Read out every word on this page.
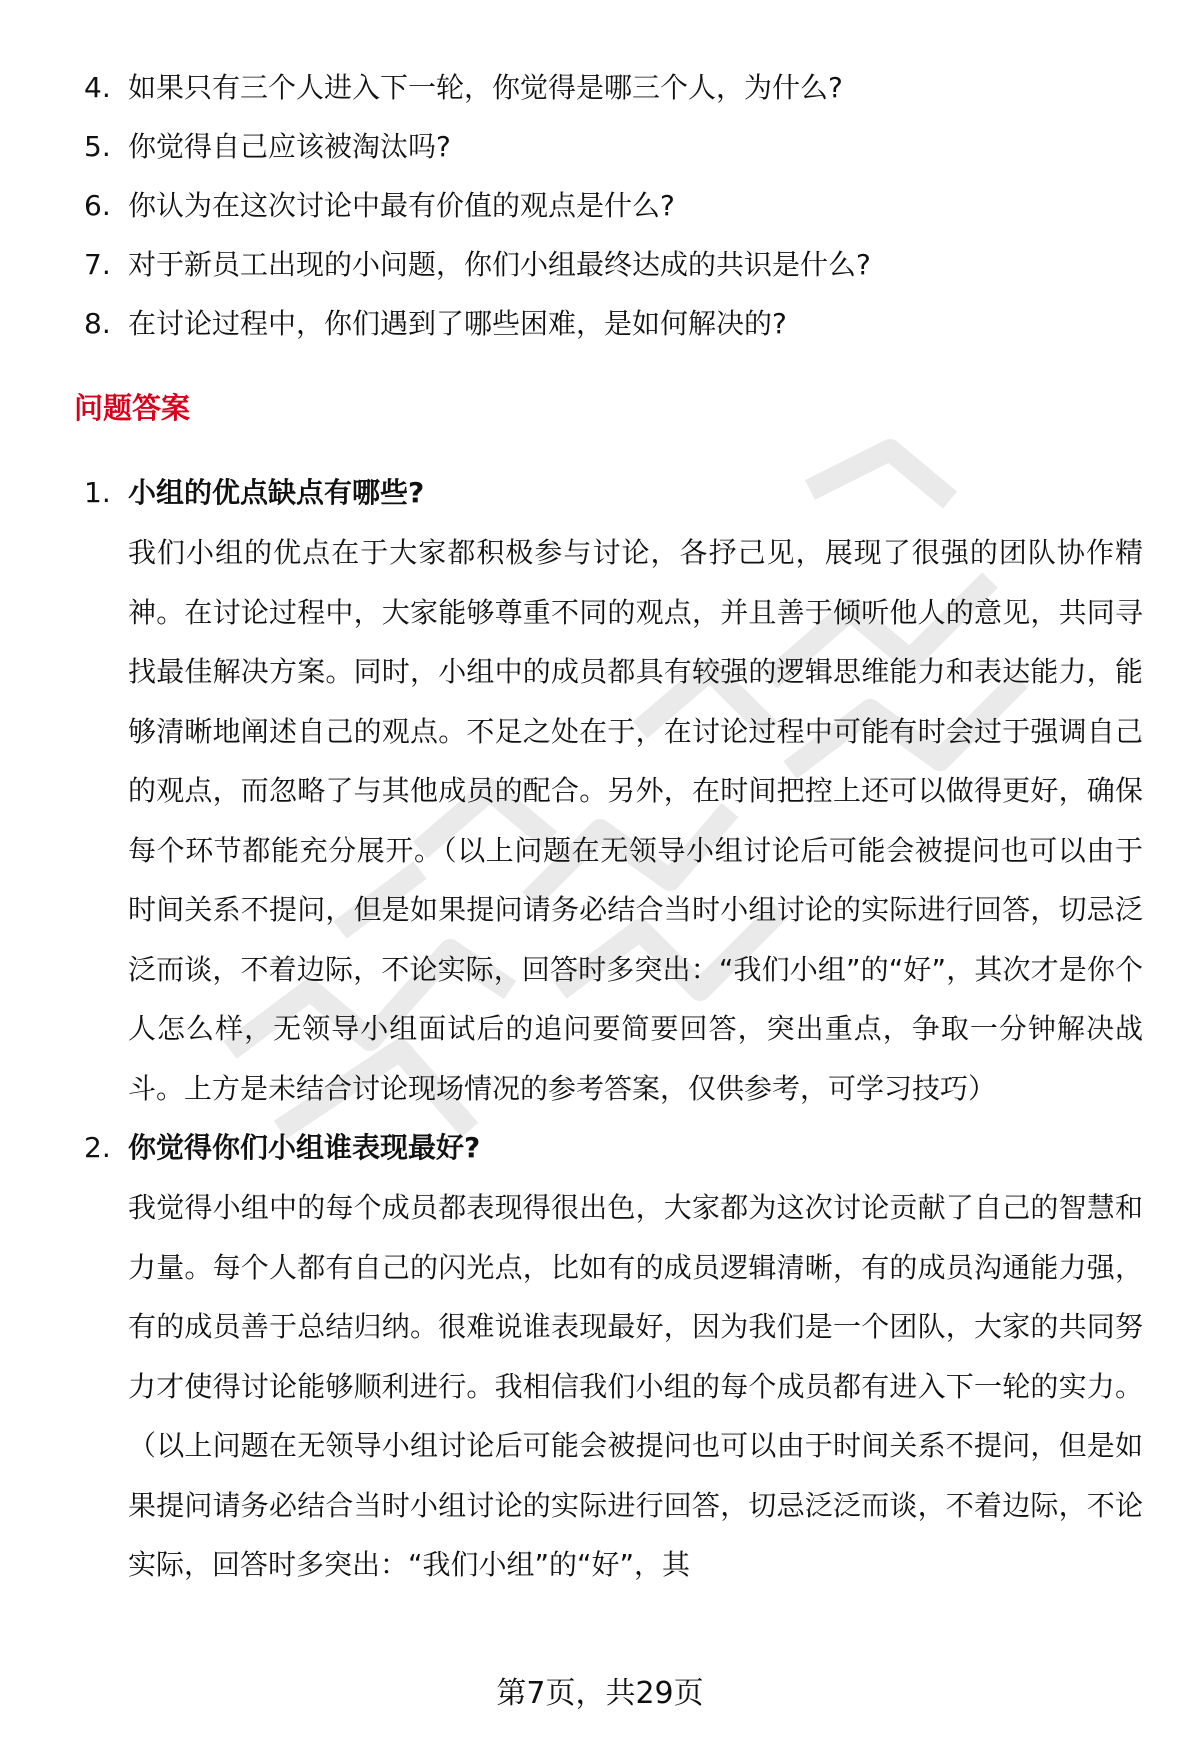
4. 如果只有三个人进入下一轮，你觉得是哪三个人，为什么?
5. 你觉得自己应该被淘汰吗?
6. 你认为在这次讨论中最有价值的观点是什么?
7. 对于新员工出现的小问题，你们小组最终达成的共识是什么?
8. 在讨论过程中，你们遇到了哪些困难，是如何解决的?
问题答案
1. 小组的优点缺点有哪些?
我们小组的优点在于大家都积极参与讨论，各抒己见，展现了很强的团队协作精神。在讨论过程中，大家能够尊重不同的观点，并且善于倾听他人的意见，共同寻找最佳解决方案。同时，小组中的成员都具有较强的逻辑思维能力和表达能力，能够清晰地阐述自己的观点。不足之处在于，在讨论过程中可能有时会过于强调自己的观点，而忽略了与其他成员的配合。另外，在时间把控上还可以做得更好，确保每个环节都能充分展开。（以上问题在无领导小组讨论后可能会被提问也可以由于时间关系不提问，但是如果提问请务必结合当时小组讨论的实际进行回答，切忌泛泛而谈，不着边际，不论实际，回答时多突出：“我们小组”的“好”，其次才是你个人怎么样，无领导小组面试后的追问要简要回答，突出重点，争取一分钟解决战斗。上方是未结合讨论现场情况的参考答案，仅供参考，可学习技巧）
2. 你觉得你们小组谁表现最好?
我觉得小组中的每个成员都表现得很出色，大家都为这次讨论贡献了自己的智慧和力量。每个人都有自己的闪光点，比如有的成员逻辑清晰，有的成员沟通能力强，有的成员善于总结归纳。很难说谁表现最好，因为我们是一个团队，大家的共同努力才使得讨论能够顺利进行。我相信我们小组的每个成员都有进入下一轮的实力。（以上问题在无领导小组讨论后可能会被提问也可以由于时间关系不提问，但是如果提问请务必结合当时小组讨论的实际进行回答，切忌泛泛而谈，不着边际，不论实际，回答时多突出：“我们小组”的“好”，其
第7页，共29页
